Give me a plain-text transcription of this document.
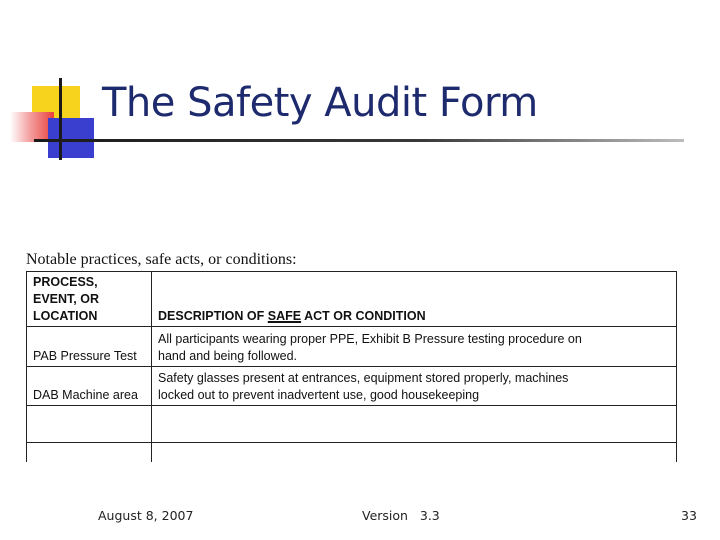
The Safety Audit Form
Notable practices, safe acts, or conditions:
PROCESS,
EVENT, OR
LOCATION	DESCRIPTION OF SAFE ACT OR CONDITION
PAB Pressure Test	All participants wearing proper PPE, Exhibit B Pressure testing procedure on
hand and being followed.

DAB Machine area	Safety glasses present at entrances, equipment stored properly, machines
locked out to prevent inadvertent use, good housekeeping

August 8, 2007	Version   3.3	33
